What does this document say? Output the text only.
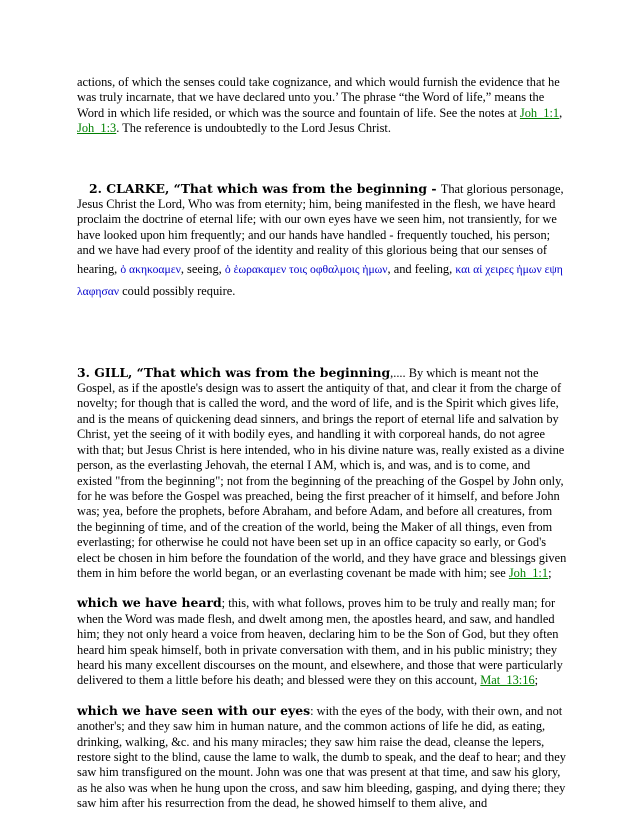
actions, of which the senses could take cognizance, and which would furnish the evidence that he was truly incarnate, that we have declared unto you.’ The phrase “the Word of life,” means the Word in which life resided, or which was the source and fountain of life. See the notes at Joh_1:1, Joh_1:3. The reference is undoubtedly to the Lord Jesus Christ.

2. CLARKE, “That which was from the beginning - That glorious personage, Jesus Christ the Lord, Who was from eternity; him, being manifested in the flesh, we have heard proclaim the doctrine of eternal life; with our own eyes have we seen him, not transiently, for we have looked upon him frequently; and our hands have handled - frequently touched, his person; and we have had every proof of the identity and reality of this glorious being that our senses of hearing, ὁ ακηκοαμεν, seeing, ὁ ἑωρακαμεν τοις οφθαλμοις ἡμων, and feeling, και αἱ χειρες ἡμων εψη λαφησαν could possibly require.

3. GILL, “That which was from the beginning,.... By which is meant not the Gospel, as if the apostle's design was to assert the antiquity of that, and clear it from the charge of novelty; for though that is called the word, and the word of life, and is the Spirit which gives life, and is the means of quickening dead sinners, and brings the report of eternal life and salvation by Christ, yet the seeing of it with bodily eyes, and handling it with corporeal hands, do not agree with that; but Jesus Christ is here intended, who in his divine nature was, really existed as a divine person, as the everlasting Jehovah, the eternal I AM, which is, and was, and is to come, and existed "from the beginning"; not from the beginning of the preaching of the Gospel by John only, for he was before the Gospel was preached, being the first preacher of it himself, and before John was; yea, before the prophets, before Abraham, and before Adam, and before all creatures, from the beginning of time, and of the creation of the world, being the Maker of all things, even from everlasting; for otherwise he could not have been set up in an office capacity so early, or God's elect be chosen in him before the foundation of the world, and they have grace and blessings given them in him before the world began, or an everlasting covenant be made with him; see Joh_1:1;

which we have heard; this, with what follows, proves him to be truly and really man; for when the Word was made flesh, and dwelt among men, the apostles heard, and saw, and handled him; they not only heard a voice from heaven, declaring him to be the Son of God, but they often heard him speak himself, both in private conversation with them, and in his public ministry; they heard his many excellent discourses on the mount, and elsewhere, and those that were particularly delivered to them a little before his death; and blessed were they on this account, Mat_13:16;

which we have seen with our eyes: with the eyes of the body, with their own, and not another's; and they saw him in human nature, and the common actions of life he did, as eating, drinking, walking, &c. and his many miracles; they saw him raise the dead, cleanse the lepers, restore sight to the blind, cause the lame to walk, the dumb to speak, and the deaf to hear; and they saw him transfigured on the mount. John was one that was present at that time, and saw his glory, as he also was when he hung upon the cross, and saw him bleeding, gasping, and dying there; they saw him after his resurrection from the dead, he showed himself to them alive, and
